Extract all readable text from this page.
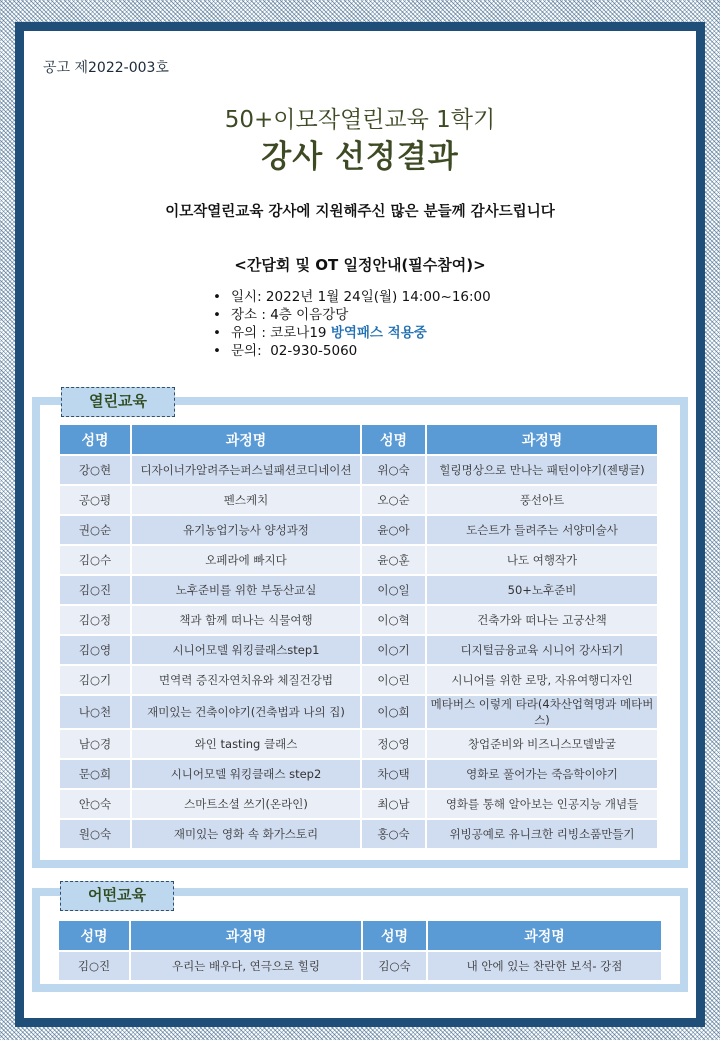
공고 제2022-003호
50+이모작열린교육 1학기
강사 선정결과
이모작열린교육 강사에 지원해주신 많은 분들께 감사드립니다
<간담회 및 OT 일정안내(필수참여)>
• 일시: 2022년 1월 24일(월) 14:00~16:00
• 장소 : 4층 이음강당
• 유의 : 코로나19 방역패스 적용중
• 문의:  02-930-5060
열린교육
성명	과정명	성명	과정명
강○현	디자이너가알려주는퍼스널패션코디네이션	위○숙	힐링명상으로 만나는 패턴이야기(젠탱글)
공○평	펜스케치	오○순	풍선아트
권○순	유기농업기능사 양성과정	윤○아	도슨트가 들려주는 서양미술사
김○수	오페라에 빠지다	윤○훈	나도 여행작가
김○진	노후준비를 위한 부동산교실	이○일	50+노후준비
김○정	책과 함께 떠나는 식물여행	이○혁	건축가와 떠나는 고궁산책
김○영	시니어모델 워킹클래스step1	이○기	디지털금융교육 시니어 강사되기
김○기	면역력 증진자연치유와 체질건강법	이○린	시니어를 위한 로망, 자유여행디자인
나○천	재미있는 건축이야기(건축법과 나의 집)	이○희	메타버스 이렇게 타라(4차산업혁명과 메타버스)
남○경	와인 tasting 클래스	정○영	창업준비와 비즈니스모델발굴
문○희	시니어모델 워킹클래스 step2	차○택	영화로 풀어가는 죽음학이야기
안○숙	스마트소셜 쓰기(온라인)	최○남	영화를 통해 알아보는 인공지능 개념들
원○숙	재미있는 영화 속 화가스토리	홍○숙	위빙공예로 유니크한 리빙소품만들기
어떤교육
성명	과정명	성명	과정명
김○진	우리는 배우다, 연극으로 힐링	김○숙	내 안에 있는 찬란한 보석- 강점
